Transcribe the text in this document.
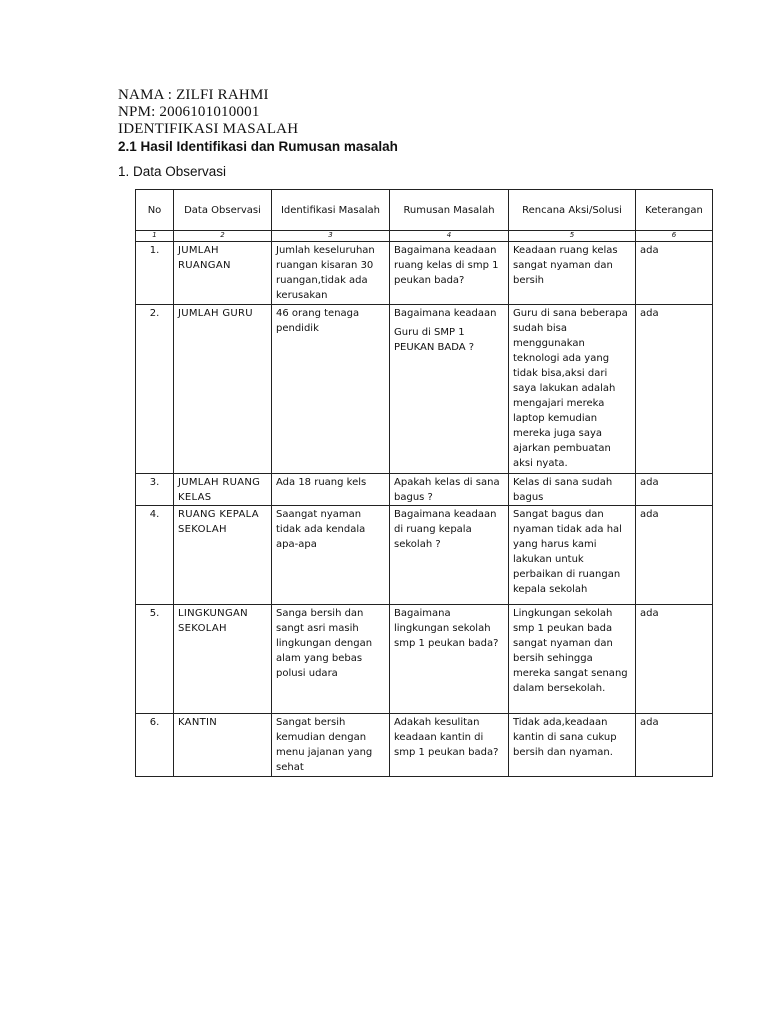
NAMA : ZILFI RAHMI
NPM: 2006101010001
IDENTIFIKASI MASALAH
2.1 Hasil Identifikasi dan Rumusan masalah
1. Data Observasi
No	Data Observasi	Identifikasi Masalah	Rumusan Masalah	Rencana Aksi/Solusi	Keterangan
1	2	3	4	5	6
1.	JUMLAH RUANGAN	Jumlah keseluruhan ruangan kisaran 30 ruangan,tidak ada kerusakan	Bagaimana keadaan ruang kelas di smp 1 peukan bada?	Keadaan ruang kelas sangat nyaman dan bersih	ada
2.	JUMLAH GURU	46 orang tenaga pendidik	Bagaimana keadaan
Guru di SMP 1 PEUKAN BADA ?	Guru di sana beberapa sudah bisa menggunakan teknologi ada yang tidak bisa,aksi dari saya lakukan adalah mengajari mereka laptop kemudian mereka juga saya ajarkan pembuatan aksi nyata.	ada
3.	JUMLAH RUANG KELAS	Ada 18 ruang kels	Apakah kelas di sana bagus ?	Kelas di sana sudah bagus	ada
4.	RUANG KEPALA SEKOLAH	Saangat nyaman tidak ada kendala apa-apa	Bagaimana keadaan di ruang kepala sekolah ?	Sangat bagus dan nyaman tidak ada hal yang harus kami lakukan untuk perbaikan di ruangan kepala sekolah	ada
5.	LINGKUNGAN SEKOLAH	Sanga bersih dan sangt asri masih lingkungan dengan alam yang bebas polusi udara	Bagaimana lingkungan sekolah smp 1 peukan bada?	Lingkungan sekolah smp 1 peukan bada sangat nyaman dan bersih sehingga mereka sangat senang dalam bersekolah.	ada
6.	KANTIN	Sangat bersih kemudian dengan menu jajanan yang sehat	Adakah kesulitan keadaan kantin di smp 1 peukan bada?	Tidak ada,keadaan kantin di sana cukup bersih dan nyaman.	ada
